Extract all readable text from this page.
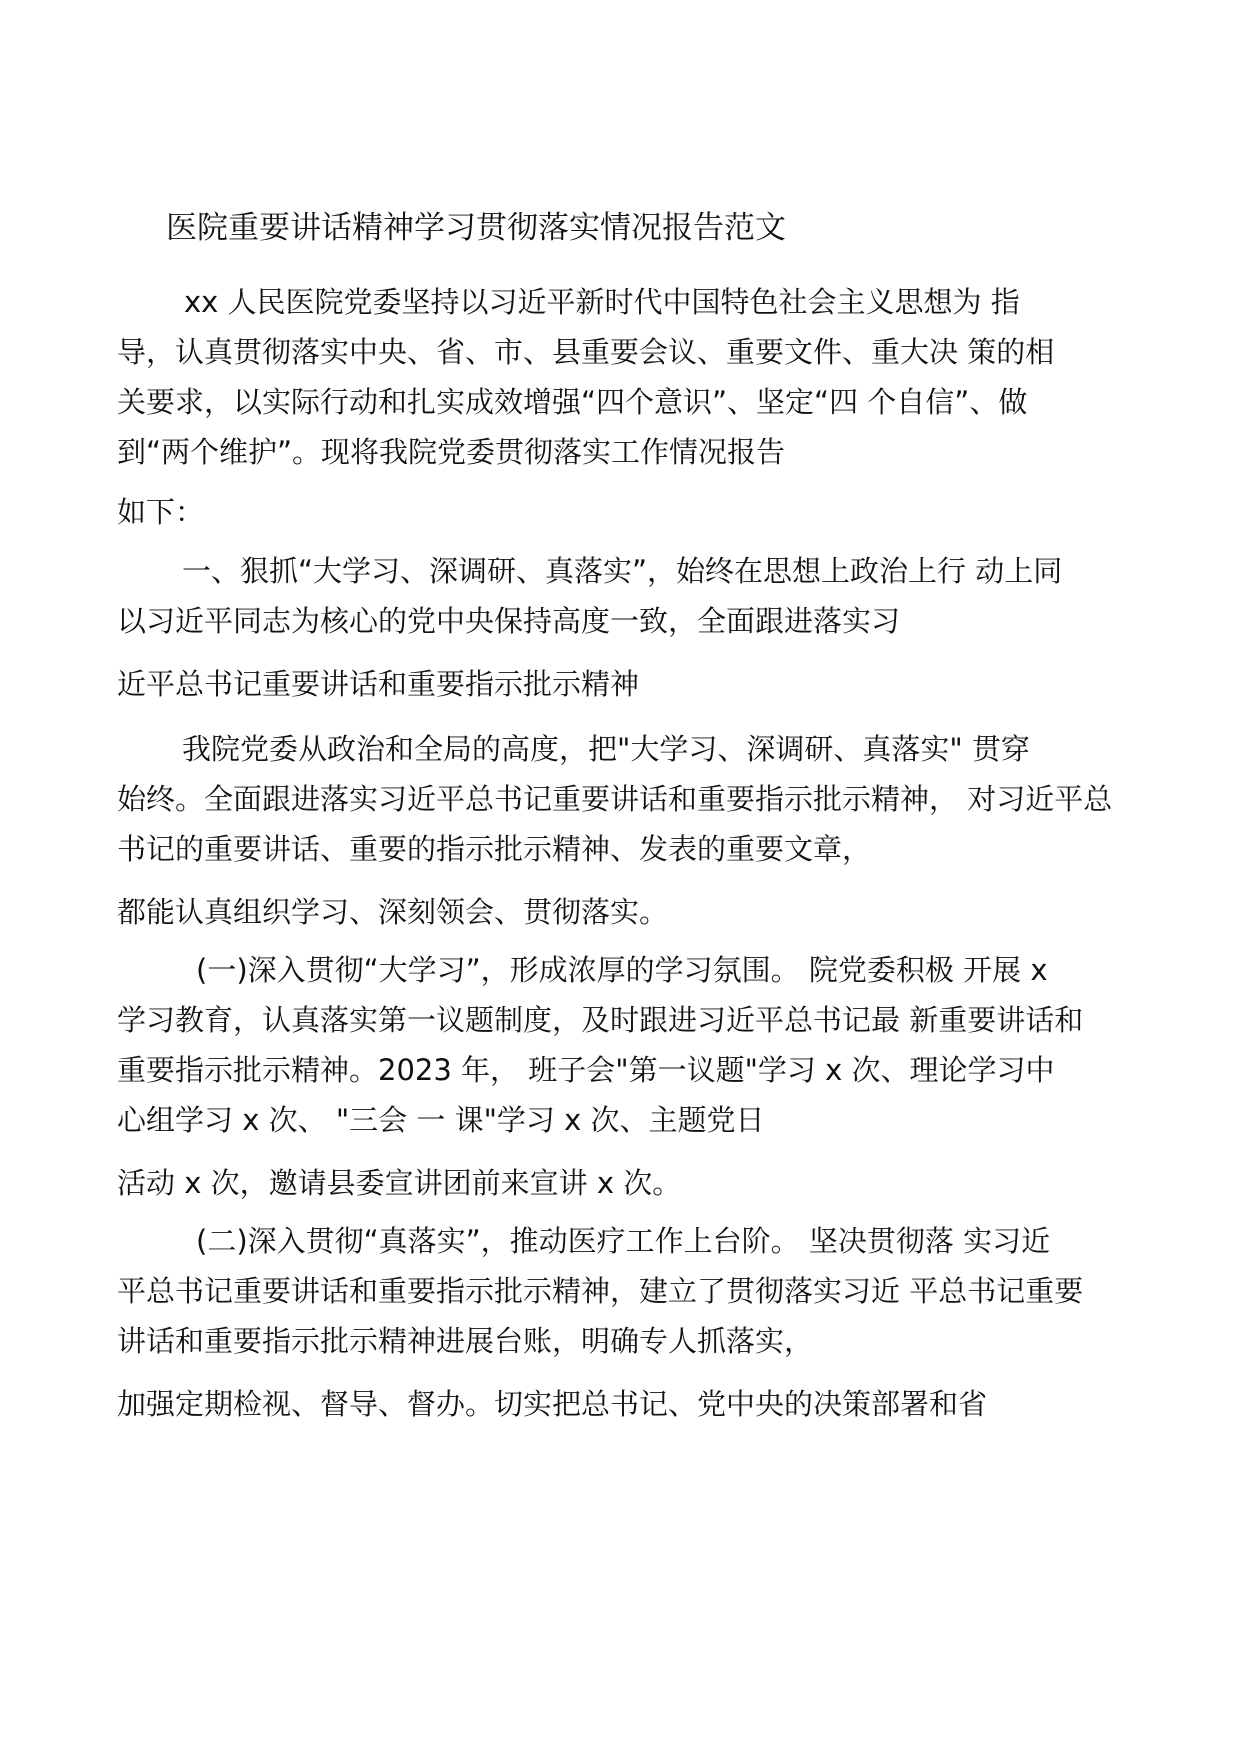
医院重要讲话精神学习贯彻落实情况报告范文
xx 人民医院党委坚持以习近平新时代中国特色社会主义思想为 指
导，认真贯彻落实中央、省、市、县重要会议、重要文件、重大决 策的相
关要求，以实际行动和扎实成效增强“四个意识”、坚定“四 个自信”、做
到“两个维护”。现将我院党委贯彻落实工作情况报告
如下：
一、狠抓“大学习、深调研、真落实”，始终在思想上政治上行 动上同
以习近平同志为核心的党中央保持高度一致，全面跟进落实习
近平总书记重要讲话和重要指示批示精神
我院党委从政治和全局的高度，把"大学习、深调研、真落实" 贯穿
始终。全面跟进落实习近平总书记重要讲话和重要指示批示精神， 对习近平总
书记的重要讲话、重要的指示批示精神、发表的重要文章，
都能认真组织学习、深刻领会、贯彻落实。
(一)深入贯彻“大学习”，形成浓厚的学习氛围。 院党委积极 开展 x
学习教育，认真落实第一议题制度，及时跟进习近平总书记最 新重要讲话和
重要指示批示精神。2023 年， 班子会"第一议题"学习 x 次、理论学习中
心组学习 x 次、 "三会 一 课"学习 x 次、主题党日
活动 x 次，邀请县委宣讲团前来宣讲 x 次。
(二)深入贯彻“真落实”，推动医疗工作上台阶。 坚决贯彻落 实习近
平总书记重要讲话和重要指示批示精神，建立了贯彻落实习近 平总书记重要
讲话和重要指示批示精神进展台账，明确专人抓落实，
加强定期检视、督导、督办。切实把总书记、党中央的决策部署和省
